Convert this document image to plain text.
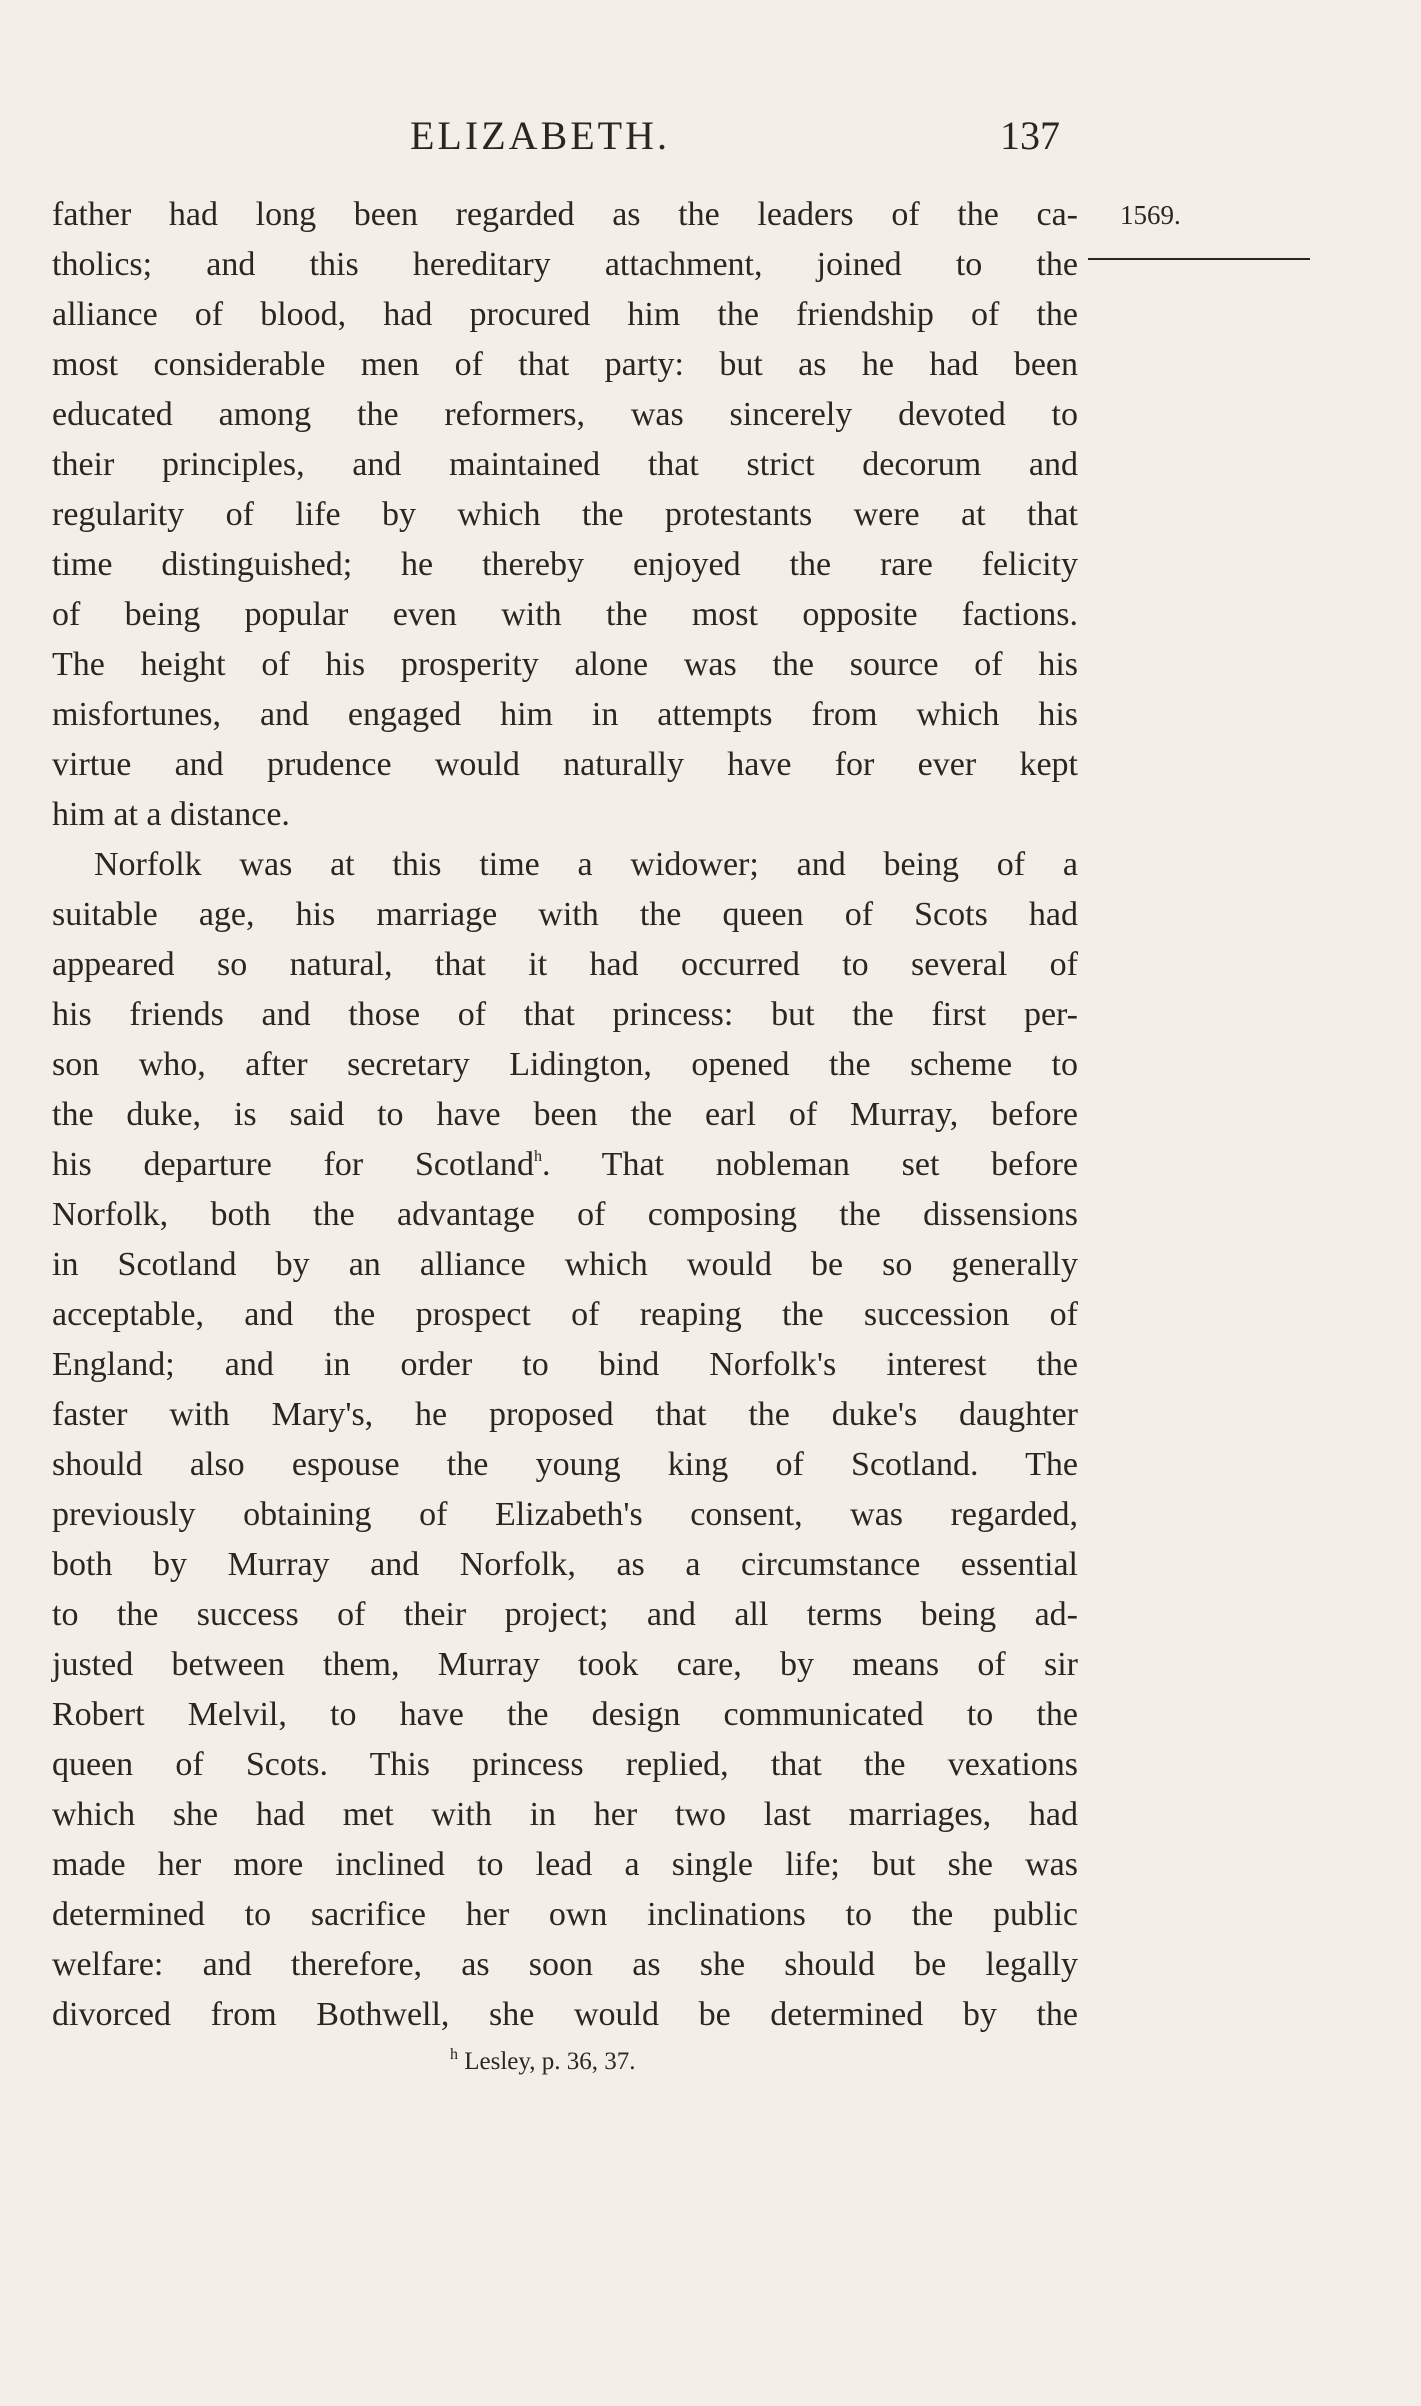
ELIZABETH.	137
1569.
father had long been regarded as the leaders of the ca-
tholics; and this hereditary attachment, joined to the
alliance of blood, had procured him the friendship of the
most considerable men of that party: but as he had been
educated among the reformers, was sincerely devoted to
their principles, and maintained that strict decorum and
regularity of life by which the protestants were at that
time distinguished; he thereby enjoyed the rare felicity
of being popular even with the most opposite factions.
The height of his prosperity alone was the source of his
misfortunes, and engaged him in attempts from which his
virtue and prudence would naturally have for ever kept
him at a distance.
Norfolk was at this time a widower; and being of a
suitable age, his marriage with the queen of Scots had
appeared so natural, that it had occurred to several of
his friends and those of that princess: but the first per-
son who, after secretary Lidington, opened the scheme to
the duke, is said to have been the earl of Murray, before
his departure for Scotland$^h$. That nobleman set before
Norfolk, both the advantage of composing the dissensions
in Scotland by an alliance which would be so generally
acceptable, and the prospect of reaping the succession of
England; and in order to bind Norfolk's interest the
faster with Mary's, he proposed that the duke's daughter
should also espouse the young king of Scotland. The
previously obtaining of Elizabeth's consent, was regarded,
both by Murray and Norfolk, as a circumstance essential
to the success of their project; and all terms being ad-
justed between them, Murray took care, by means of sir
Robert Melvil, to have the design communicated to the
queen of Scots. This princess replied, that the vexations
which she had met with in her two last marriages, had
made her more inclined to lead a single life; but she was
determined to sacrifice her own inclinations to the public
welfare: and therefore, as soon as she should be legally
divorced from Bothwell, she would be determined by the
$^h$ Lesley, p. 36, 37.
